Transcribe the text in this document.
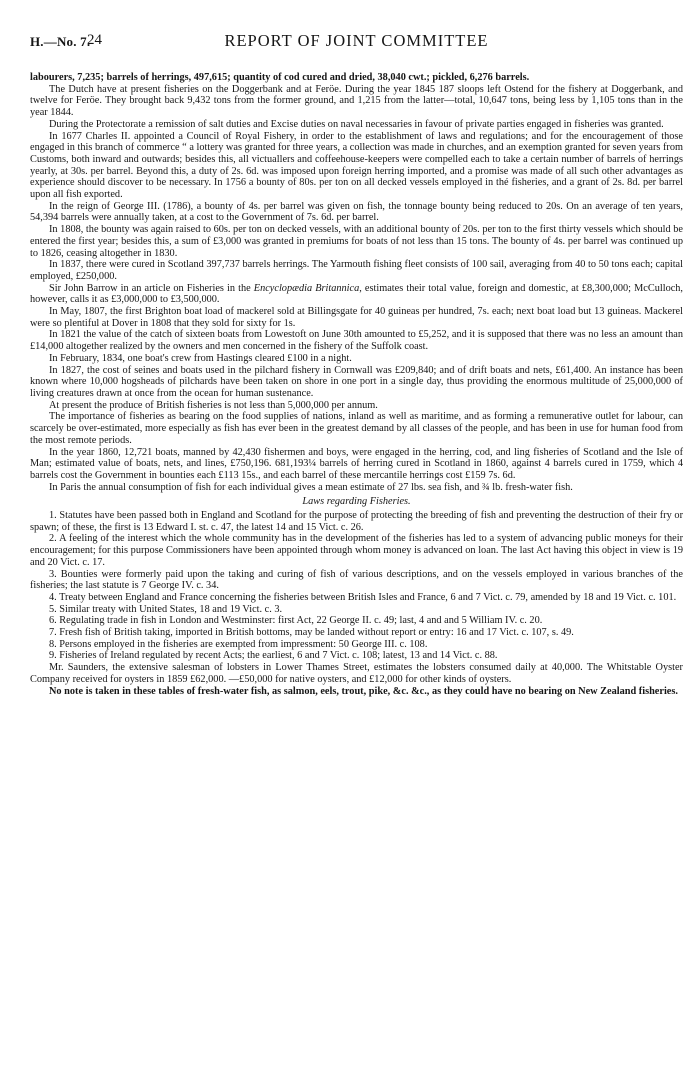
H.—No. 7.
24	REPORT OF JOINT COMMITTEE

labourers, 7,235; barrels of herrings, 497,615; quantity of cod cured and dried, 38,040 cwt.; pickled, 6,276 barrels.

The Dutch have at present fisheries on the Doggerbank and at Feröe. During the year 1845 187 sloops left Ostend for the fishery at Doggerbank, and twelve for Feröe. They brought back 9,432 tons from the former ground, and 1,215 from the latter—total, 10,647 tons, being less by 1,105 tons than in the year 1844.

During the Protectorate a remission of salt duties and Excise duties on naval necessaries in favour of private parties engaged in fisheries was granted.

In 1677 Charles II. appointed a Council of Royal Fishery, in order to the establishment of laws and regulations; and for the encouragement of those engaged in this branch of commerce “ a lottery was granted for three years, a collection was made in churches, and an exemption granted for seven years from Customs, both inward and outwards; besides this, all victuallers and coffeehouse-keepers were compelled each to take a certain number of barrels of herrings yearly, at 30s. per barrel. Beyond this, a duty of 2s. 6d. was imposed upon foreign herring imported, and a promise was made of all such other advantages as experience should discover to be necessary. In 1756 a bounty of 80s. per ton on all decked vessels employed in thé fisheries, and a grant of 2s. 8d. per barrel upon all fish exported.

In the reign of George III. (1786), a bounty of 4s. per barrel was given on fish, the tonnage bounty being reduced to 20s. On an average of ten years, 54,394 barrels were annually taken, at a cost to the Government of 7s. 6d. per barrel.

In 1808, the bounty was again raised to 60s. per ton on decked vessels, with an additional bounty of 20s. per ton to the first thirty vessels which should be entered the first year; besides this, a sum of £3,000 was granted in premiums for boats of not less than 15 tons. The bounty of 4s. per barrel was continued up to 1826, ceasing altogether in 1830.

In 1837, there were cured in Scotland 397,737 barrels herrings. The Yarmouth fishing fleet consists of 100 sail, averaging from 40 to 50 tons each; capital employed, £250,000.

Sir John Barrow in an article on Fisheries in the Encyclopædia Britannica, estimates their total value, foreign and domestic, at £8,300,000; McCulloch, however, calls it as £3,000,000 to £3,500,000.

In May, 1807, the first Brighton boat load of mackerel sold at Billingsgate for 40 guineas per hundred, 7s. each; next boat load but 13 guineas. Mackerel were so plentiful at Dover in 1808 that they sold for sixty for 1s.

In 1821 the value of the catch of sixteen boats from Lowestoft on June 30th amounted to £5,252, and it is supposed that there was no less an amount than £14,000 altogether realized by the owners and men concerned in the fishery of the Suffolk coast.

In February, 1834, one boat's crew from Hastings cleared £100 in a night.

In 1827, the cost of seines and boats used in the pilchard fishery in Cornwall was £209,840; and of drift boats and nets, £61,400. An instance has been known where 10,000 hogsheads of pilchards have been taken on shore in one port in a single day, thus providing the enormous multitude of 25,000,000 of living creatures drawn at once from the ocean for human sustenance.

At present the produce of British fisheries is not less than 5,000,000 per annum.

The importance of fisheries as bearing on the food supplies of nations, inland as well as maritime, and as forming a remunerative outlet for labour, can scarcely be over-estimated, more especially as fish has ever been in the greatest demand by all classes of the people, and has been in use for human food from the most remote periods.

In the year 1860, 12,721 boats, manned by 42,430 fishermen and boys, were engaged in the herring, cod, and ling fisheries of Scotland and the Isle of Man; estimated value of boats, nets, and lines, £750,196. 681,193¼ barrels of herring cured in Scotland in 1860, against 4 barrels cured in 1759, which 4 barrels cost the Government in bounties each £113 15s., and each barrel of these mercantile herrings cost £159 7s. 6d.

In Paris the annual consumption of fish for each individual gives a mean estimate of 27 lbs. sea fish, and ¾ lb. fresh-water fish.

Laws regarding Fisheries.

1. Statutes have been passed both in England and Scotland for the purpose of protecting the breeding of fish and preventing the destruction of their fry or spawn; of these, the first is 13 Edward I. st. c. 47, the latest 14 and 15 Vict. c. 26.

2. A feeling of the interest which the whole community has in the development of the fisheries has led to a system of advancing public moneys for their encouragement; for this purpose Commissioners have been appointed through whom money is advanced on loan. The last Act having this object in view is 19 and 20 Vict. c. 17.

3. Bounties were formerly paid upon the taking and curing of fish of various descriptions, and on the vessels employed in various branches of the fisheries; the last statute is 7 George IV. c. 34.

4. Treaty between England and France concerning the fisheries between British Isles and France, 6 and 7 Vict. c. 79, amended by 18 and 19 Vict. c. 101.

5. Similar treaty with United States, 18 and 19 Vict. c. 3.

6. Regulating trade in fish in London and Westminster: first Act, 22 George II. c. 49; last, 4 and and 5 William IV. c. 20.

7. Fresh fish of British taking, imported in British bottoms, may be landed without report or entry: 16 and 17 Vict. c. 107, s. 49.

8. Persons employed in the fisheries are exempted from impressment: 50 George III. c. 108.

9. Fisheries of Ireland regulated by recent Acts; the earliest, 6 and 7 Vict. c. 108; latest, 13 and 14 Vict. c. 88.

Mr. Saunders, the extensive salesman of lobsters in Lower Thames Street, estimates the lobsters consumed daily at 40,000. The Whitstable Oyster Company received for oysters in 1859 £62,000. —£50,000 for native oysters, and £12,000 for other kinds of oysters.

No note is taken in these tables of fresh-water fish, as salmon, eels, trout, pike, &c. &c., as they could have no bearing on New Zealand fisheries.
